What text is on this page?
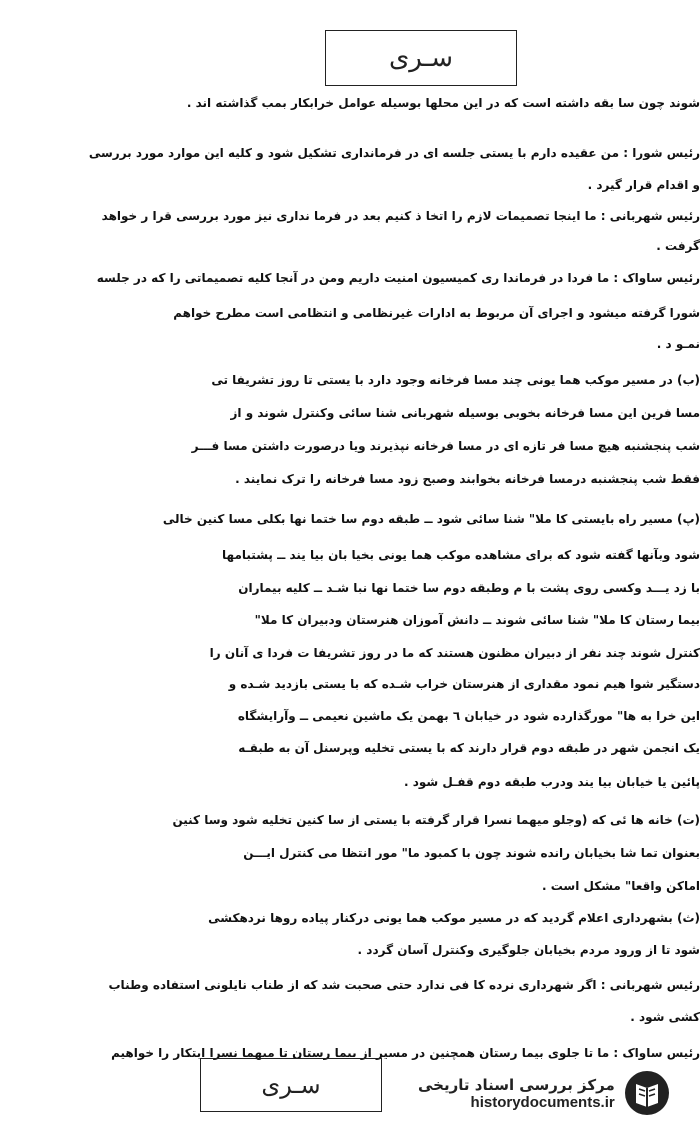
سـرى
شوند چون سا بقه داشته است که در این محلها بوسیله عوامل خرابکار بمب گذاشته اند .
رئیس شورا : من عقیده دارم با یستی جلسه ای در فرمانداری تشکیل شود و کلیه این موارد مورد بررسی
و اقدام قرار گیرد .
رئیس شهربانی : ما اینجا تصمیمات لازم را اتخا ذ کنیم بعد در فرما نداری نیز مورد بررسی قرا ر خواهد
گرفت .
رئیس ساواک : ما فردا در فرماندا ری کمیسیون امنیت داریم ومن در آنجا کلیه تصمیماتی را که در جلسه
شورا گرفته میشود و اجرای آن مربوط به ادارات غیرنظامی و انتظامی است مطرح خواهم
نمـو د .
(ب) در مسیر موکب هما یونی چند مسا فرخانه وجود دارد با یستی تا روز تشریفا تی
مسا فرین این مسا فرخانه بخوبی بوسیله شهربانی شنا سائی وکنترل شوند و از
شب پنجشنبه هیچ مسا فر تازه ای در مسا فرخانه نپذیرند ویا درصورت داشتن مسا فـــر
فقط شب پنجشنبه درمسا فرخانه بخوابند وصبح زود مسا فرخانه را ترک نمایند .
(پ) مسیر راه بایستی کا ملا" شنا سائی شود ــ طبقه دوم سا ختما نها بکلی مسا کنین خالی
شود وبآنها گفته شود که برای مشاهده موکب هما یونی بخیا بان بیا یند ــ پشتبامها
با زد یـــد وکسی روی پشت با م وطبقه دوم سا ختما نها نبا شـد ــ کلیه بیماران
بیما رستان کا ملا" شنا سائی شوند ــ دانش آموزان هنرستان ودبیران کا ملا"
کنترل شوند چند نفر از دبیران مظنون هستند که ما در روز تشریفا ت فردا ی آنان را
دستگیر شوا هیم نمود مقداری از هنرستان خراب شـده که با یستی بازدید شـده و
این خرا به ها" مورگذارده شود در خیابان ٦ بهمن یک ماشین نعیمی ــ وآرایشگاه
یک انجمن شهر در طبقه دوم قرار دارند که با یستی تخلیه وپرسنل آن به طبقـه
پائین یا خیابان بیا یند ودرب طبقه دوم قفـل شود .
(ت) خانه ها ئی که (وجلو میهما نسرا قرار گرفته با یستی از سا کنین تخلیه شود وسا کنین
بعنوان تما شا بخیابان رانده شوند چون با کمبود ما" مور انتظا می کنترل ایـــن
اماکن واقعا" مشکل است .
(ث) بشهرداری اعلام گردید که در مسیر موکب هما یونی درکنار پیاده روها نردهکشی
شود تا از ورود مردم بخیابان جلوگیری وکنترل آسان گردد .
رئیس شهربانی : اگر شهرداری نرده کا فی ندارد حتی صحبت شد که از طناب نایلونی استفاده وطناب
کشی شود .
رئیس ساواک : ما تا جلوی بیما رستان همچنین در مسیر از بیما رستان تا میهما نسرا ابتکار را خواهیم
سـرى	مرکز بررسی اسناد تاریخی
historydocuments.ir
